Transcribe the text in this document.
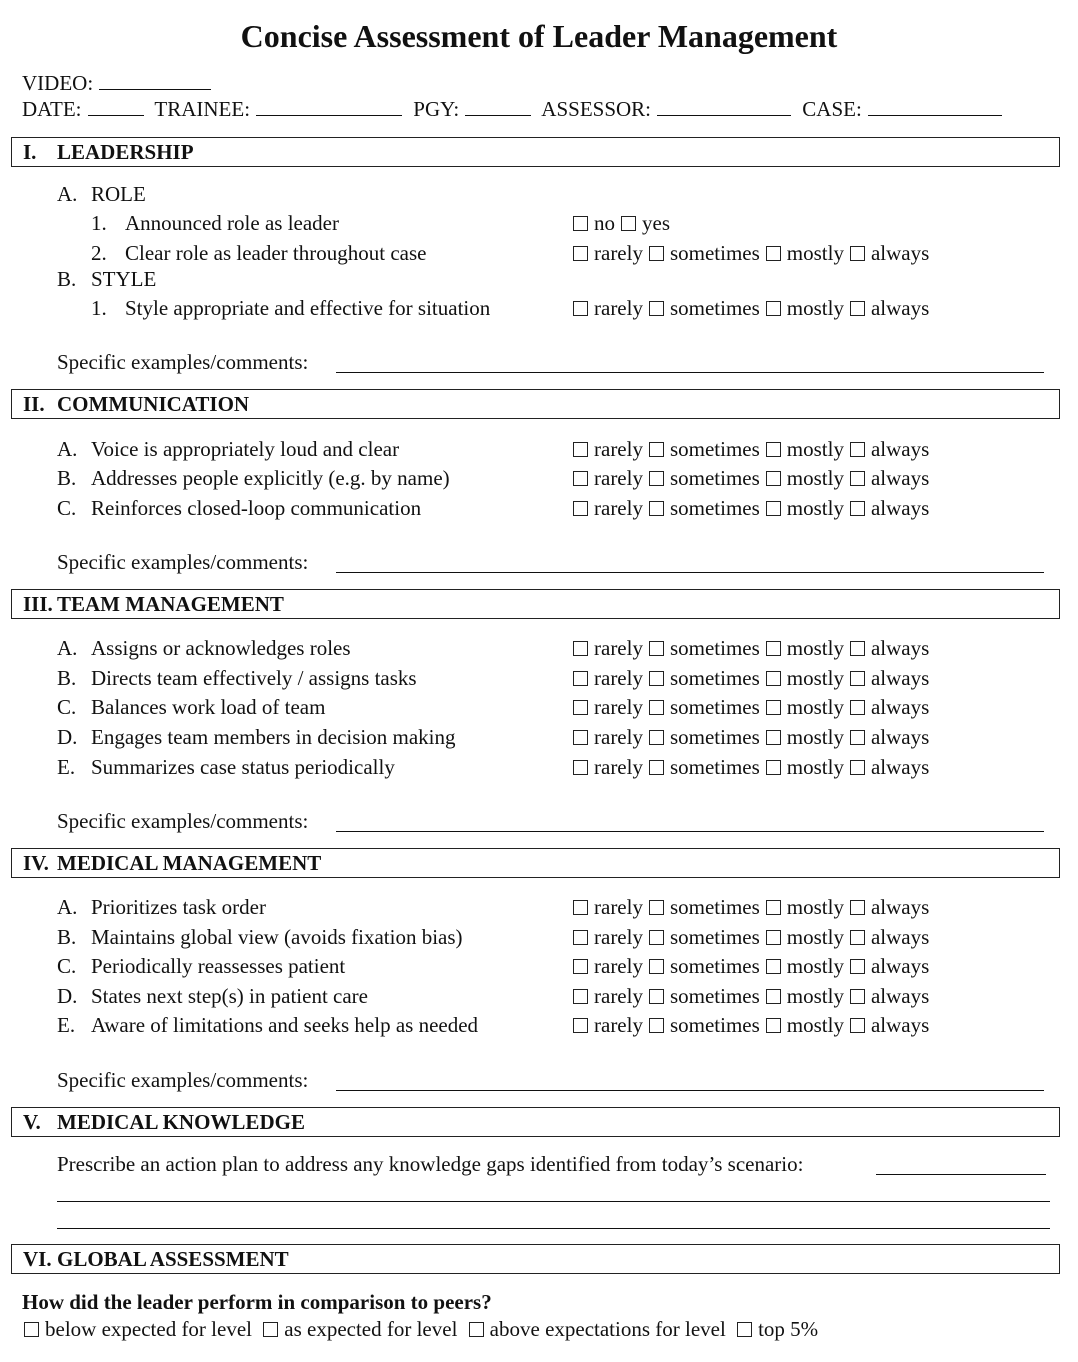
Concise Assessment of Leader Management
VIDEO:
DATE:	TRAINEE:	PGY:	ASSESSOR:	CASE:
I. LEADERSHIP
A. ROLE
1. Announced role as leader	no yes
2. Clear role as leader throughout case	rarely sometimes mostly always
B. STYLE
1. Style appropriate and effective for situation	rarely sometimes mostly always
Specific examples/comments:
II. COMMUNICATION
A. Voice is appropriately loud and clear	rarely sometimes mostly always
B. Addresses people explicitly (e.g. by name)	rarely sometimes mostly always
C. Reinforces closed-loop communication	rarely sometimes mostly always
Specific examples/comments:
III. TEAM MANAGEMENT
A. Assigns or acknowledges roles	rarely sometimes mostly always
B. Directs team effectively / assigns tasks	rarely sometimes mostly always
C. Balances work load of team	rarely sometimes mostly always
D. Engages team members in decision making	rarely sometimes mostly always
E. Summarizes case status periodically	rarely sometimes mostly always
Specific examples/comments:
IV. MEDICAL MANAGEMENT
A. Prioritizes task order	rarely sometimes mostly always
B. Maintains global view (avoids fixation bias)	rarely sometimes mostly always
C. Periodically reassesses patient	rarely sometimes mostly always
D. States next step(s) in patient care	rarely sometimes mostly always
E. Aware of limitations and seeks help as needed	rarely sometimes mostly always
Specific examples/comments:
V. MEDICAL KNOWLEDGE
Prescribe an action plan to address any knowledge gaps identified from today’s scenario:
VI. GLOBAL ASSESSMENT
How did the leader perform in comparison to peers?
below expected for level as expected for level above expectations for level top 5%
